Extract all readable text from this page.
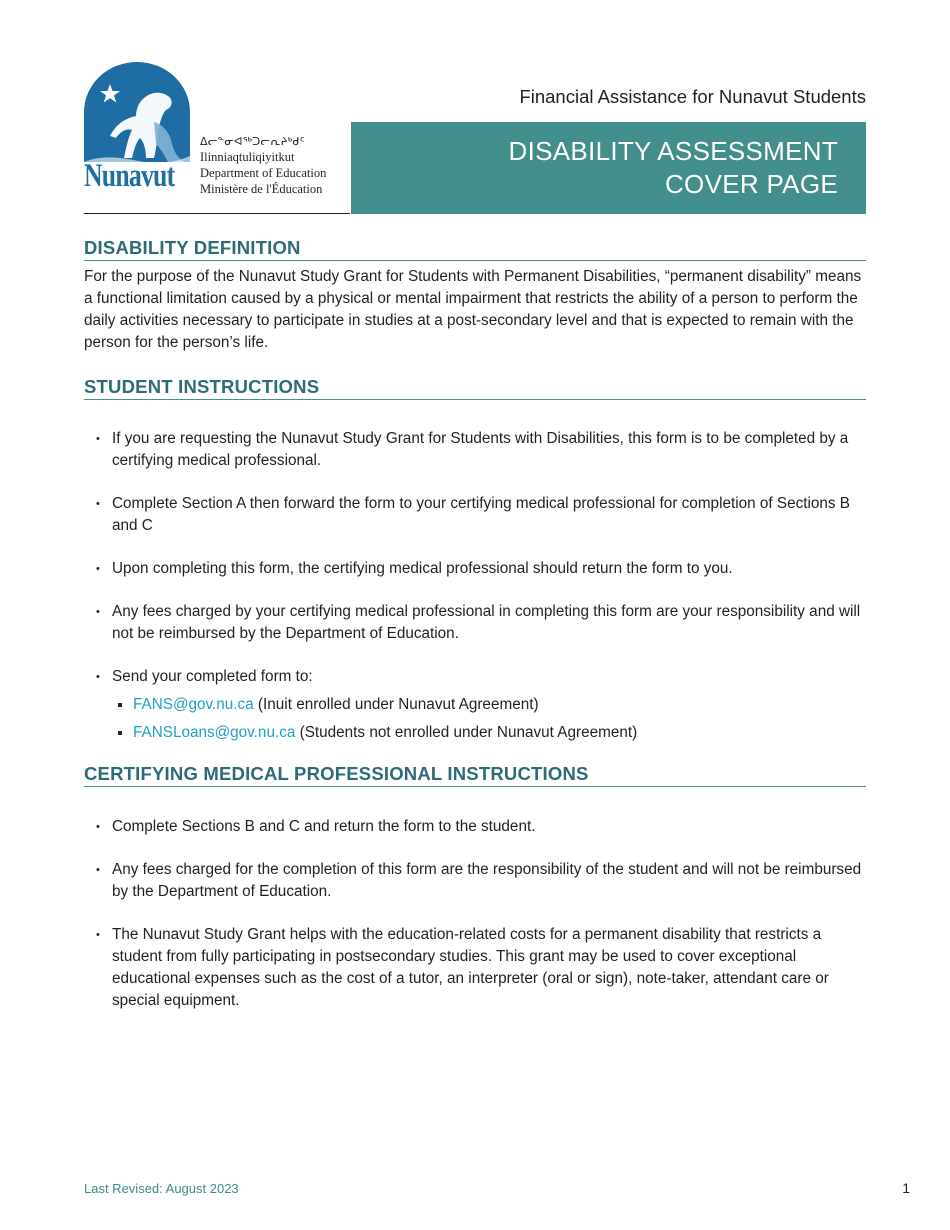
ᐃᓕᓐᓂᐊᖅᑐᓕᕆᔨᒃᑯᑦ
Ilinniaqtuliqiyitkut
Department of Education
Ministère de l'Éducation
Nunavut
Financial Assistance for Nunavut Students
DISABILITY ASSESSMENT
COVER PAGE
DISABILITY DEFINITION
For the purpose of the Nunavut Study Grant for Students with Permanent Disabilities, “permanent disability” means a functional limitation caused by a physical or mental impairment that restricts the ability of a person to perform the daily activities necessary to participate in studies at a post-secondary level and that is expected to remain with the person for the person’s life.
STUDENT INSTRUCTIONS
• If you are requesting the Nunavut Study Grant for Students with Disabilities, this form is to be completed by a certifying medical professional.
• Complete Section A then forward the form to your certifying medical professional for completion of Sections B and C
• Upon completing this form, the certifying medical professional should return the form to you.
• Any fees charged by your certifying medical professional in completing this form are your responsibility and will not be reimbursed by the Department of Education.
• Send your completed form to:
FANS@gov.nu.ca (Inuit enrolled under Nunavut Agreement)
FANSLoans@gov.nu.ca (Students not enrolled under Nunavut Agreement)
CERTIFYING MEDICAL PROFESSIONAL INSTRUCTIONS
• Complete Sections B and C and return the form to the student.
• Any fees charged for the completion of this form are the responsibility of the student and will not be reimbursed by the Department of Education.
• The Nunavut Study Grant helps with the education-related costs for a permanent disability that restricts a student from fully participating in postsecondary studies. This grant may be used to cover exceptional educational expenses such as the cost of a tutor, an interpreter (oral or sign), note-taker, attendant care or special equipment.
Last Revised: August 2023	1
